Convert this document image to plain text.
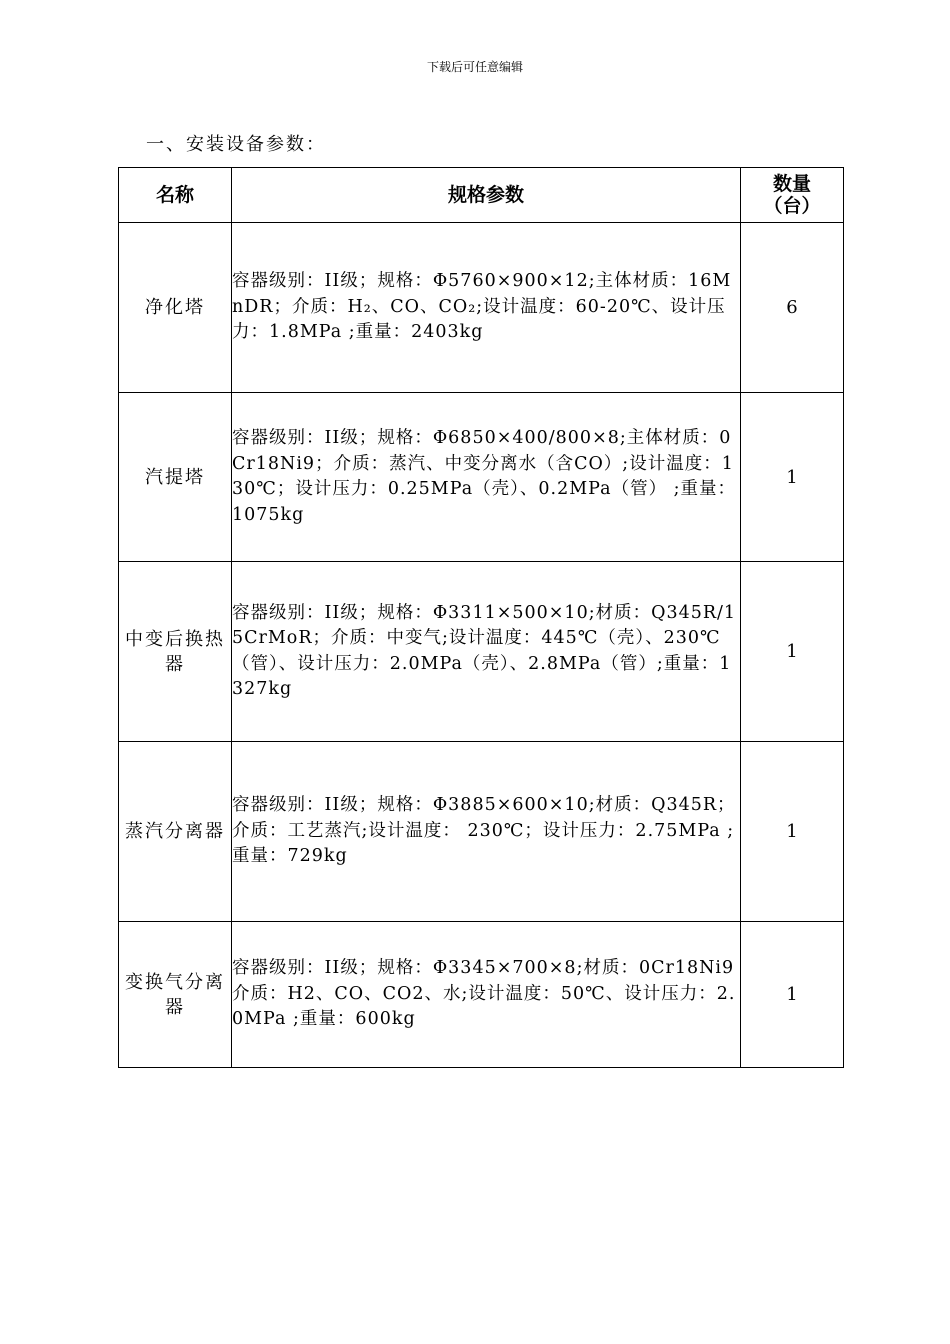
下载后可任意编辑
一、安装设备参数：
名称	规格参数	数量
（台）

净化塔	容器级别：II级；规格：Φ5760×900×12;主体材质：16MnDR；介质：H₂、CO、CO₂;设计温度：60-20℃、设计压力：1.8MPa ;重量：2403kg	6
汽提塔	容器级别：II级；规格：Φ6850×400/800×8;主体材质：0Cr18Ni9；介质：蒸汽、中变分离水（含CO）;设计温度：130℃；设计压力：0.25MPa（壳）、0.2MPa（管） ;重量：1075kg	1
中变后换热器	容器级别：II级；规格：Φ3311×500×10;材质：Q345R/15CrMoR；介质：中变气;设计温度：445℃（壳）、230℃（管）、设计压力：2.0MPa（壳）、2.8MPa（管）;重量：1327kg	1
蒸汽分离器	容器级别：II级；规格：Φ3885×600×10;材质：Q345R；介质：工艺蒸汽;设计温度： 230℃；设计压力：2.75MPa ;重量：729kg	1
变换气分离器	容器级别：II级；规格：Φ3345×700×8;材质：0Cr18Ni9介质：H2、CO、CO2、水;设计温度：50℃、设计压力：2.0MPa ;重量：600kg	1
